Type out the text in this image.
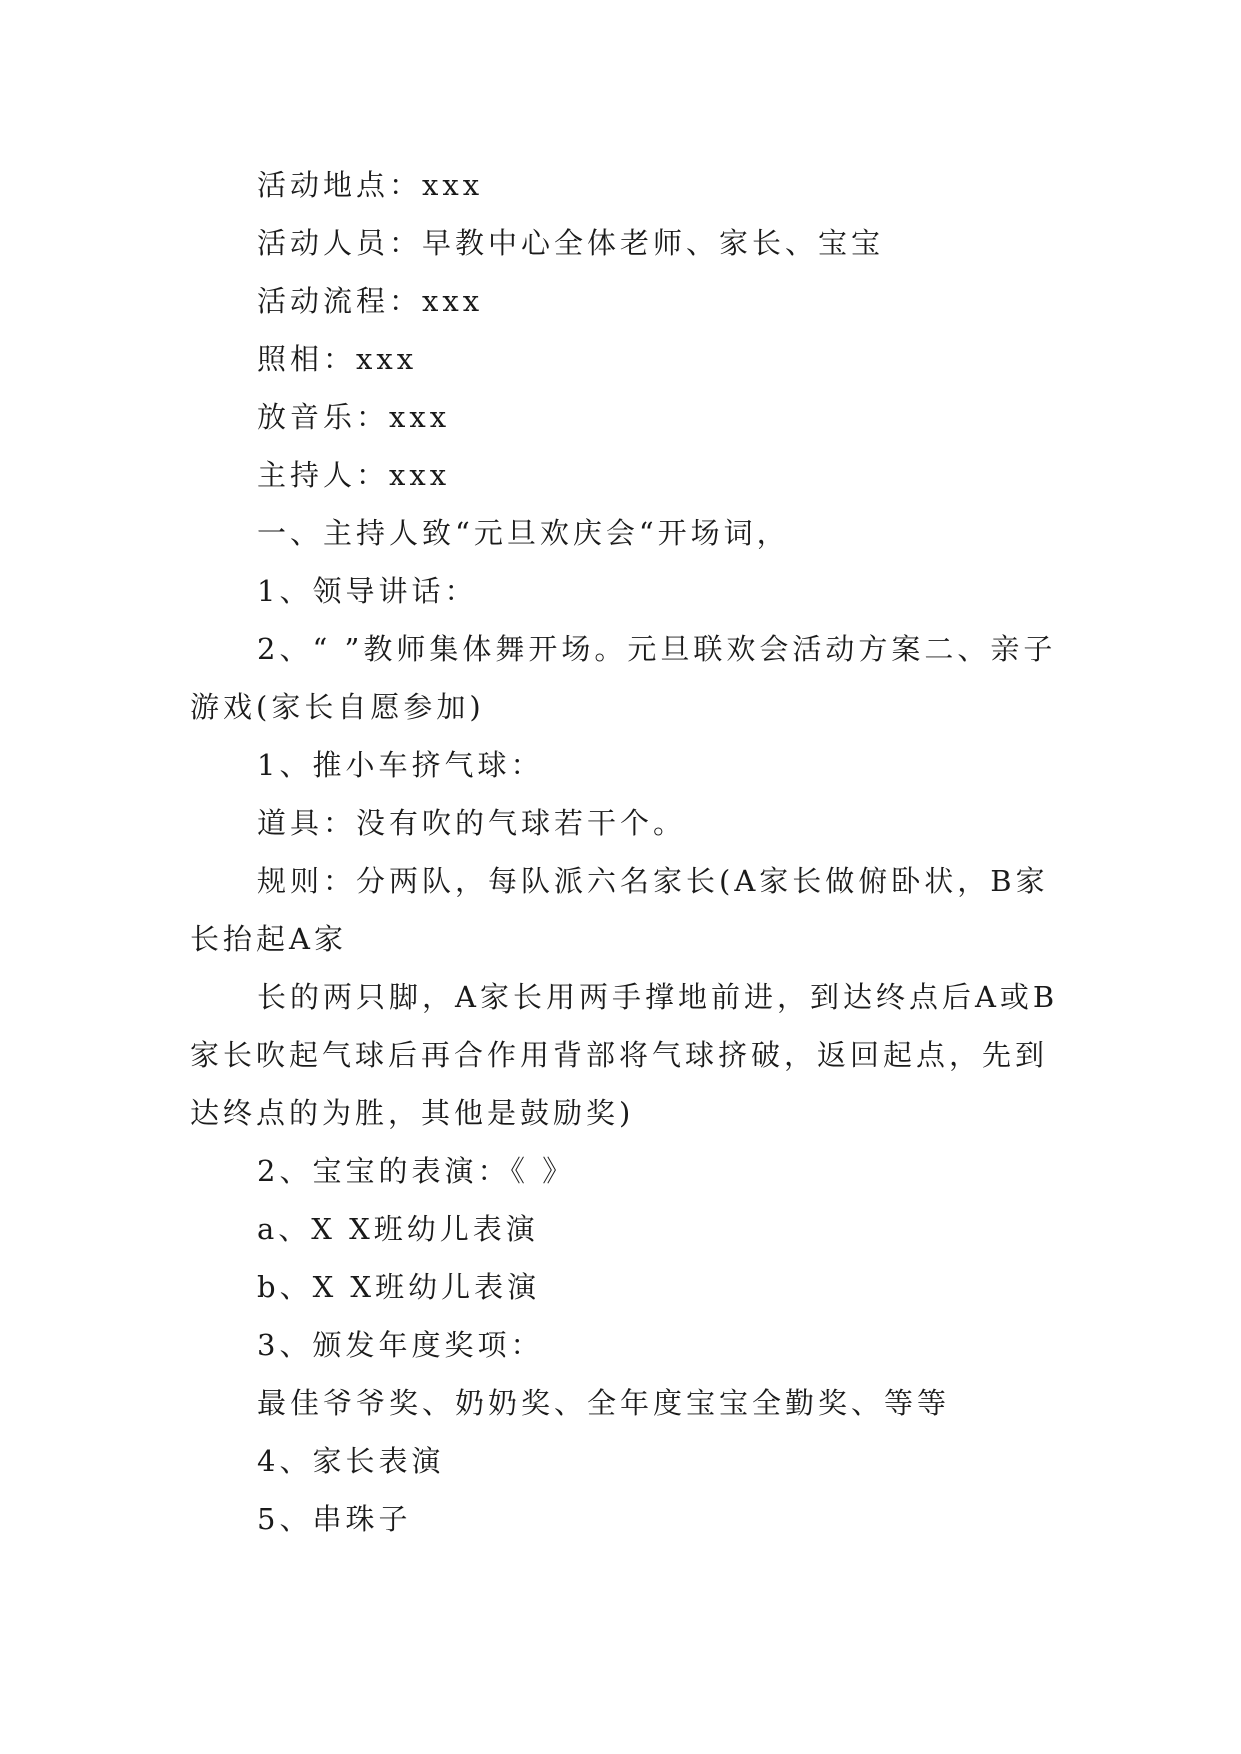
活动地点：xxx

活动人员：早教中心全体老师、家长、宝宝

活动流程：xxx

照相：xxx

放音乐：xxx

主持人：xxx

一、主持人致“元旦欢庆会“开场词，

1、领导讲话：

2、“ ”教师集体舞开场。元旦联欢会活动方案二、亲子游戏(家长自愿参加)

1、推小车挤气球：

道具：没有吹的气球若干个。

规则：分两队，每队派六名家长(A家长做俯卧状，B家长抬起A家

长的两只脚，A家长用两手撑地前进，到达终点后A或B家长吹起气球后再合作用背部将气球挤破，返回起点，先到达终点的为胜，其他是鼓励奖)

2、宝宝的表演：《 》

a、X X班幼儿表演

b、X X班幼儿表演

3、颁发年度奖项：

最佳爷爷奖、奶奶奖、全年度宝宝全勤奖、等等

4、家长表演

5、串珠子
